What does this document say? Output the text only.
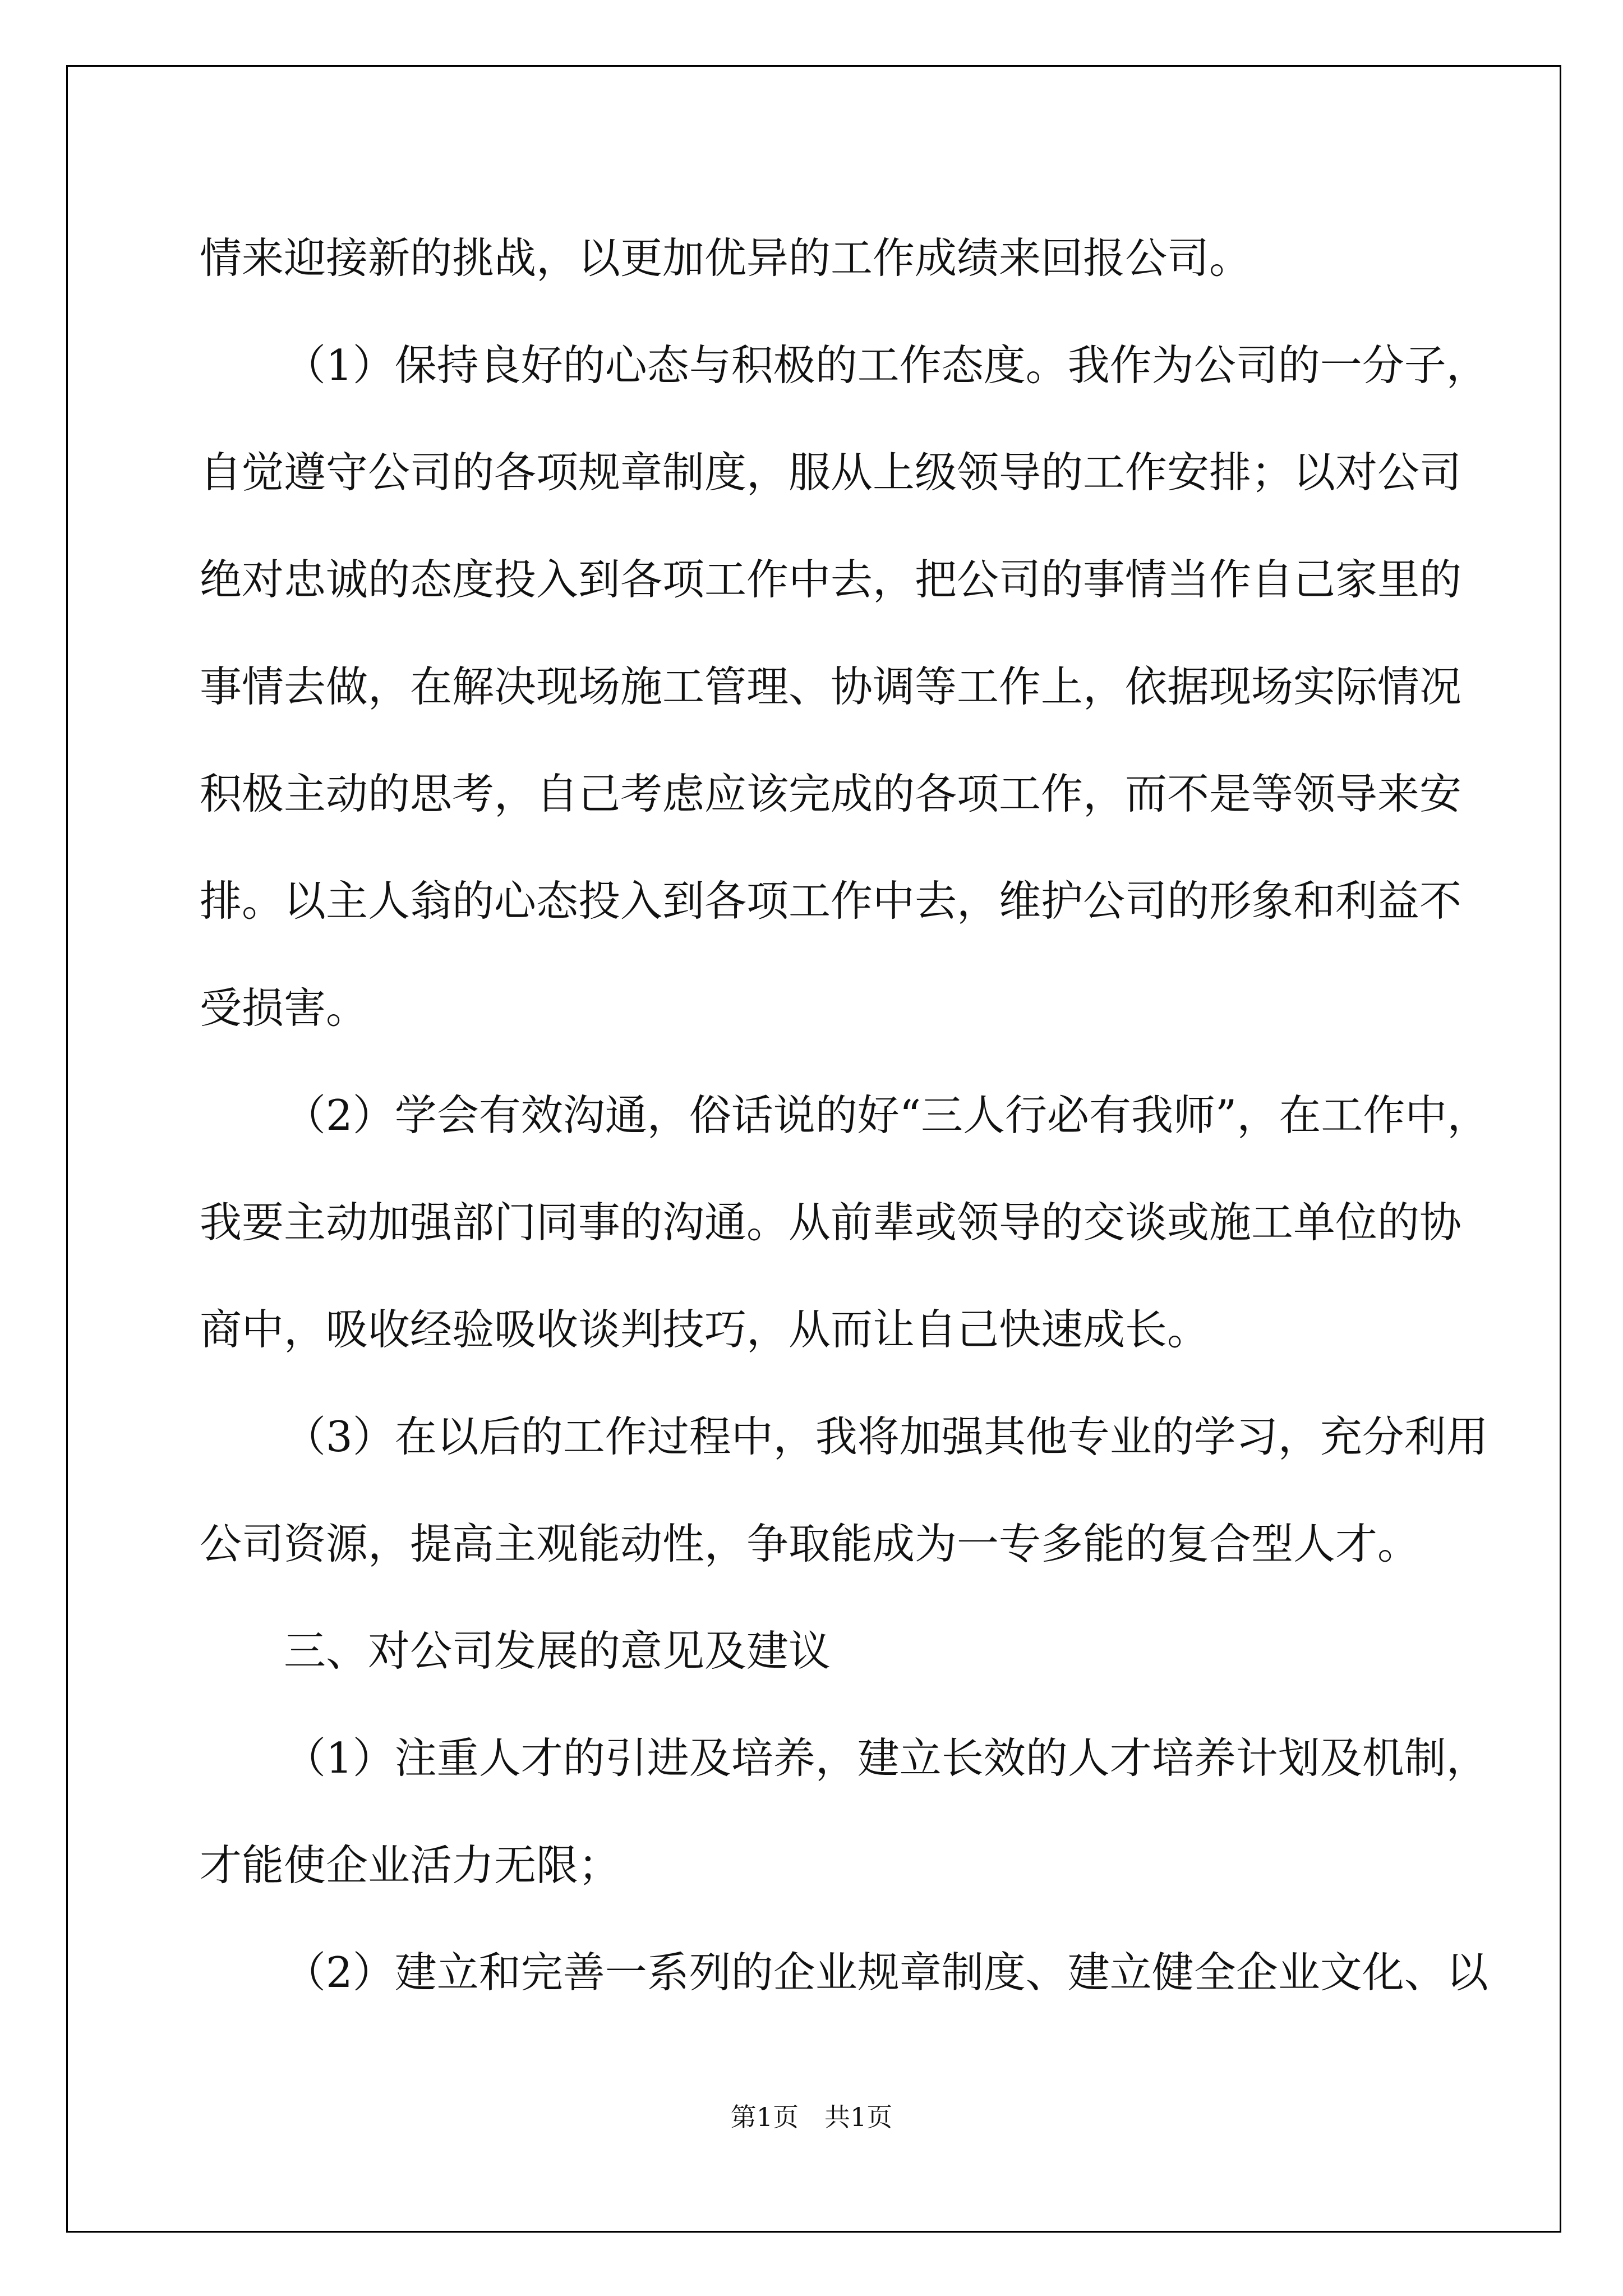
情来迎接新的挑战，以更加优异的工作成绩来回报公司。
（1）保持良好的心态与积极的工作态度。我作为公司的一分子，
自觉遵守公司的各项规章制度，服从上级领导的工作安排；以对公司
绝对忠诚的态度投入到各项工作中去，把公司的事情当作自己家里的
事情去做，在解决现场施工管理、协调等工作上，依据现场实际情况
积极主动的思考，自己考虑应该完成的各项工作，而不是等领导来安
排。以主人翁的心态投入到各项工作中去，维护公司的形象和利益不
受损害。
（2）学会有效沟通，俗话说的好“三人行必有我师”，在工作中，
我要主动加强部门同事的沟通。从前辈或领导的交谈或施工单位的协
商中，吸收经验吸收谈判技巧，从而让自己快速成长。
（3）在以后的工作过程中，我将加强其他专业的学习，充分利用
公司资源，提高主观能动性，争取能成为一专多能的复合型人才。
三、对公司发展的意见及建议
（1）注重人才的引进及培养，建立长效的人才培养计划及机制，
才能使企业活力无限；
（2）建立和完善一系列的企业规章制度、建立健全企业文化、以
第1页　共1页
